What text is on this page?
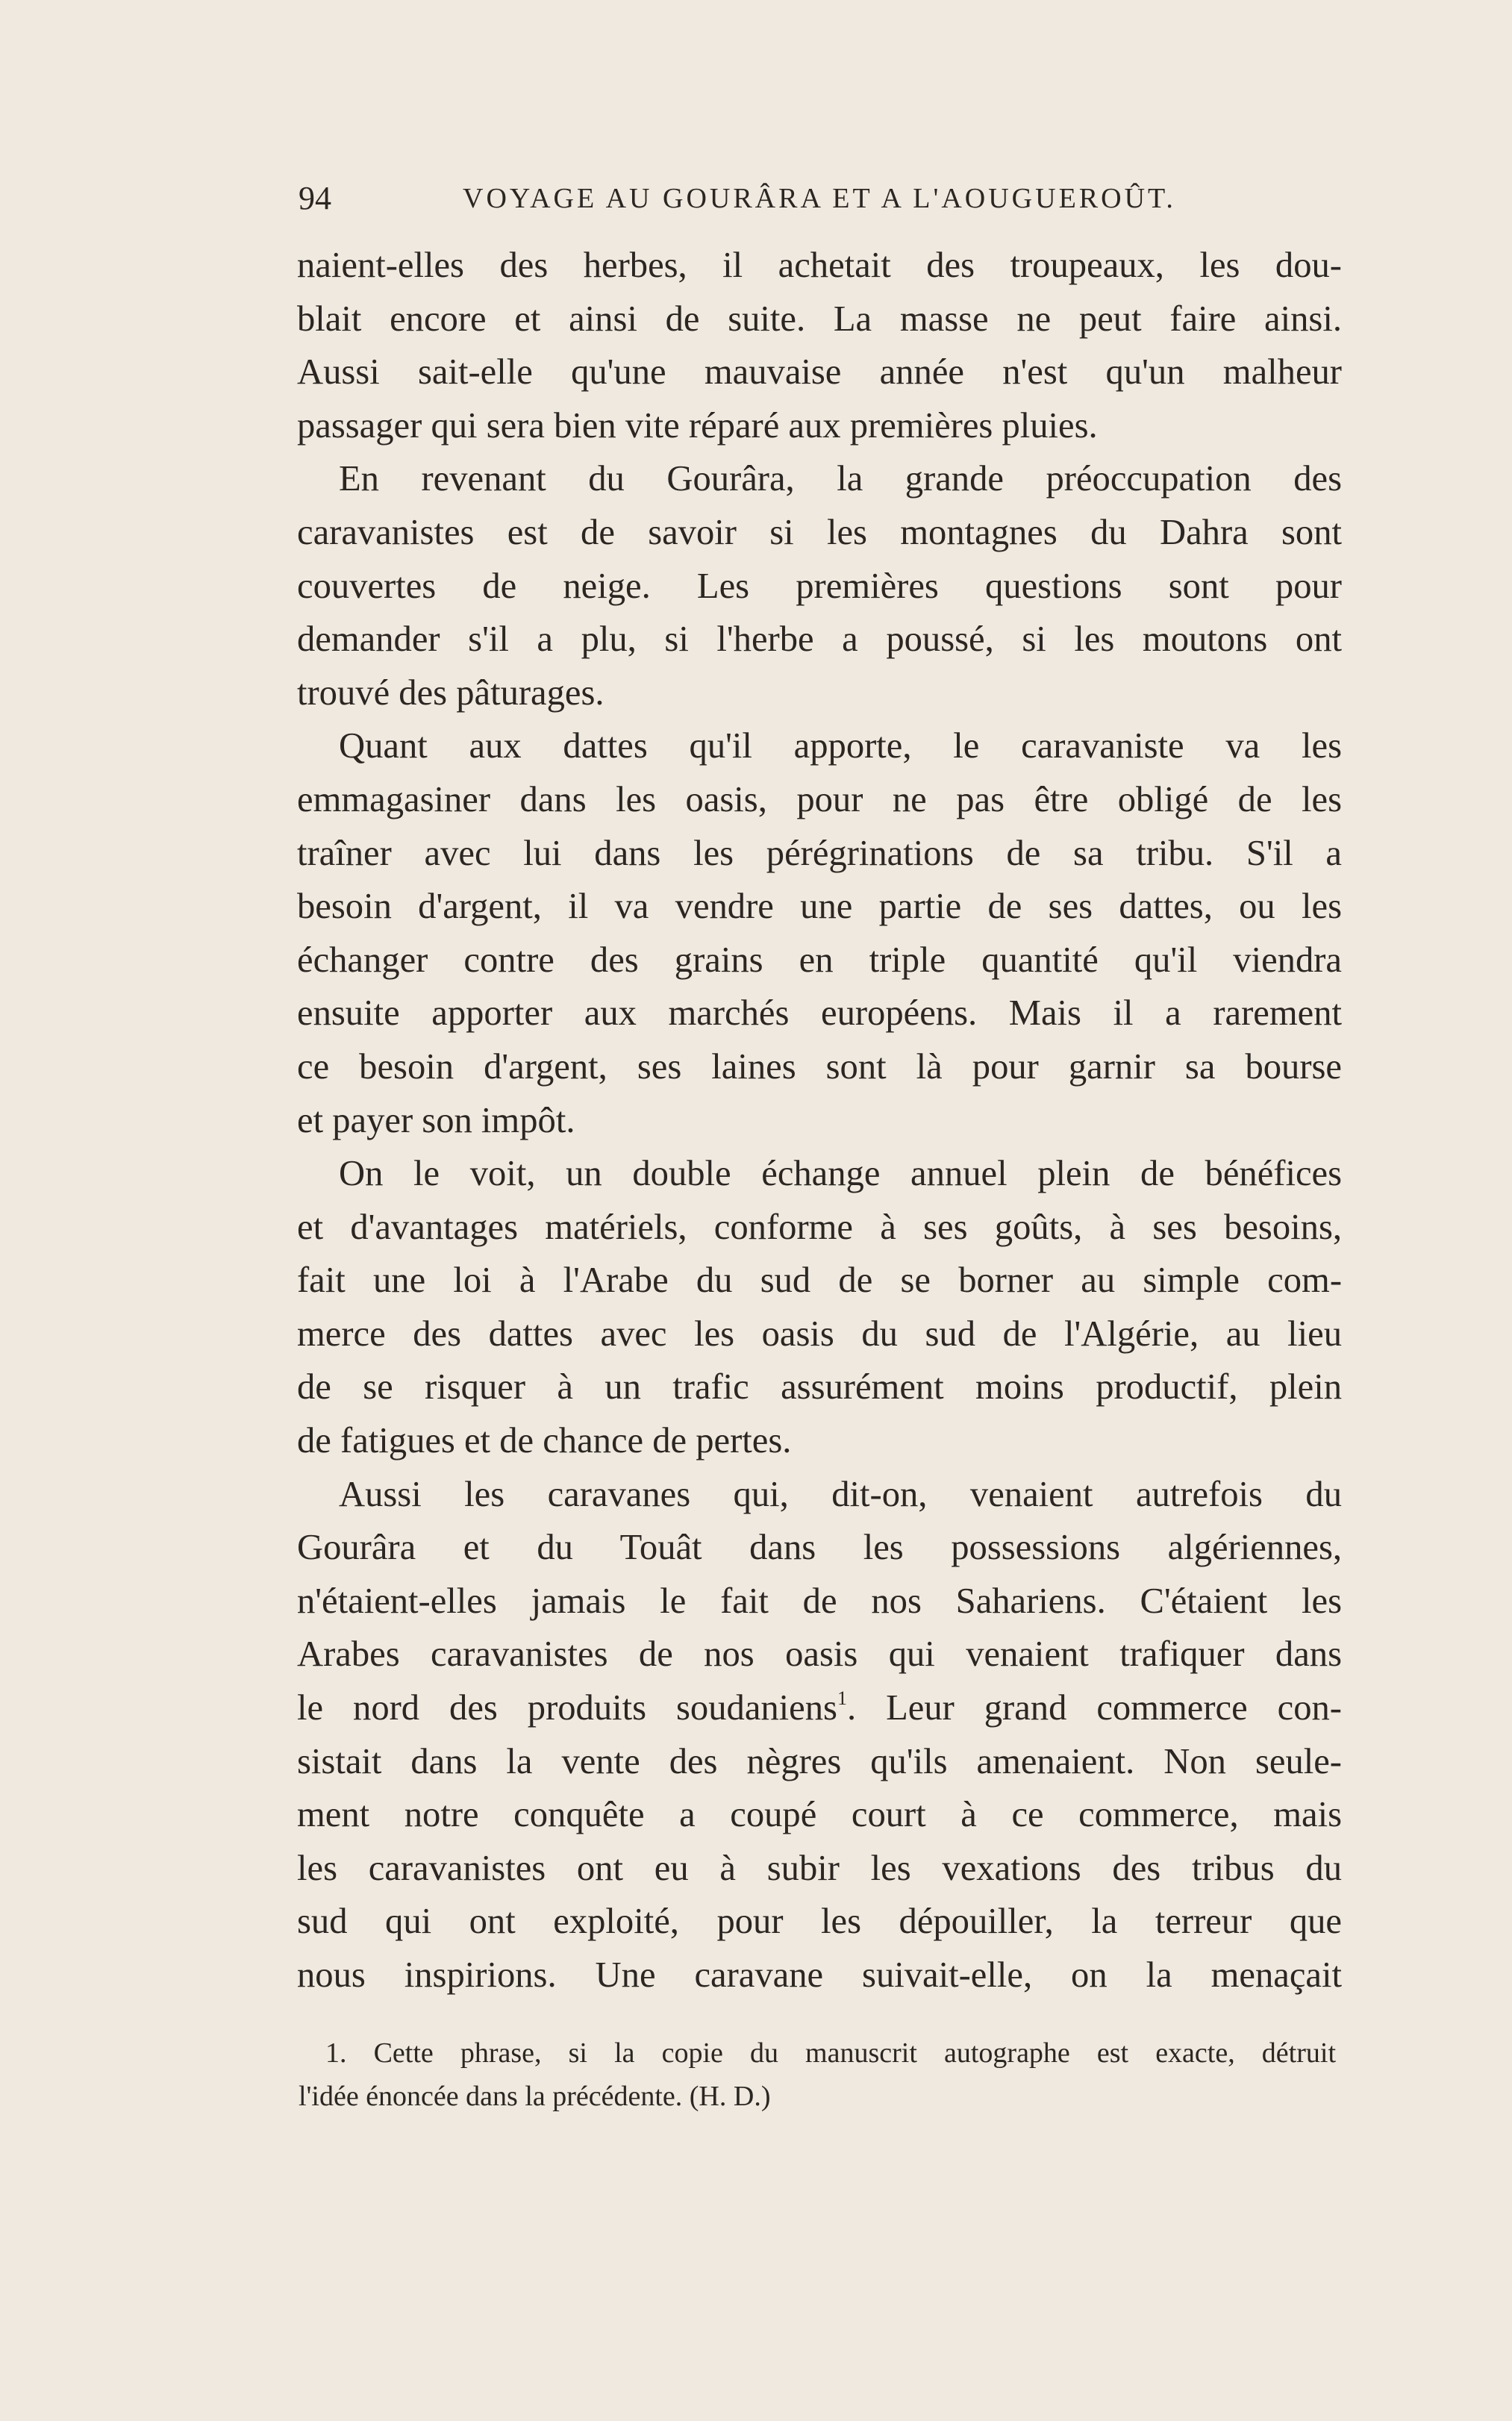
94	VOYAGE AU GOURÂRA ET A L'AOUGUEROÛT.
naient-elles des herbes, il achetait des troupeaux, les dou-
blait encore et ainsi de suite. La masse ne peut faire ainsi.
Aussi sait-elle qu'une mauvaise année n'est qu'un malheur
passager qui sera bien vite réparé aux premières pluies.
En revenant du Gourâra, la grande préoccupation des
caravanistes est de savoir si les montagnes du Dahra sont
couvertes de neige. Les premières questions sont pour
demander s'il a plu, si l'herbe a poussé, si les moutons ont
trouvé des pâturages.
Quant aux dattes qu'il apporte, le caravaniste va les
emmagasiner dans les oasis, pour ne pas être obligé de les
traîner avec lui dans les pérégrinations de sa tribu. S'il a
besoin d'argent, il va vendre une partie de ses dattes, ou les
échanger contre des grains en triple quantité qu'il viendra
ensuite apporter aux marchés européens. Mais il a rarement
ce besoin d'argent, ses laines sont là pour garnir sa bourse
et payer son impôt.
On le voit, un double échange annuel plein de bénéfices
et d'avantages matériels, conforme à ses goûts, à ses besoins,
fait une loi à l'Arabe du sud de se borner au simple com-
merce des dattes avec les oasis du sud de l'Algérie, au lieu
de se risquer à un trafic assurément moins productif, plein
de fatigues et de chance de pertes.
Aussi les caravanes qui, dit-on, venaient autrefois du
Gourâra et du Touât dans les possessions algériennes,
n'étaient-elles jamais le fait de nos Sahariens. C'étaient les
Arabes caravanistes de nos oasis qui venaient trafiquer dans
le nord des produits soudaniens$^1$. Leur grand commerce con-
sistait dans la vente des nègres qu'ils amenaient. Non seule-
ment notre conquête a coupé court à ce commerce, mais
les caravanistes ont eu à subir les vexations des tribus du
sud qui ont exploité, pour les dépouiller, la terreur que
nous inspirions. Une caravane suivait-elle, on la menaçait
1. Cette phrase, si la copie du manuscrit autographe est exacte, détruit
l'idée énoncée dans la précédente. (H. D.)
